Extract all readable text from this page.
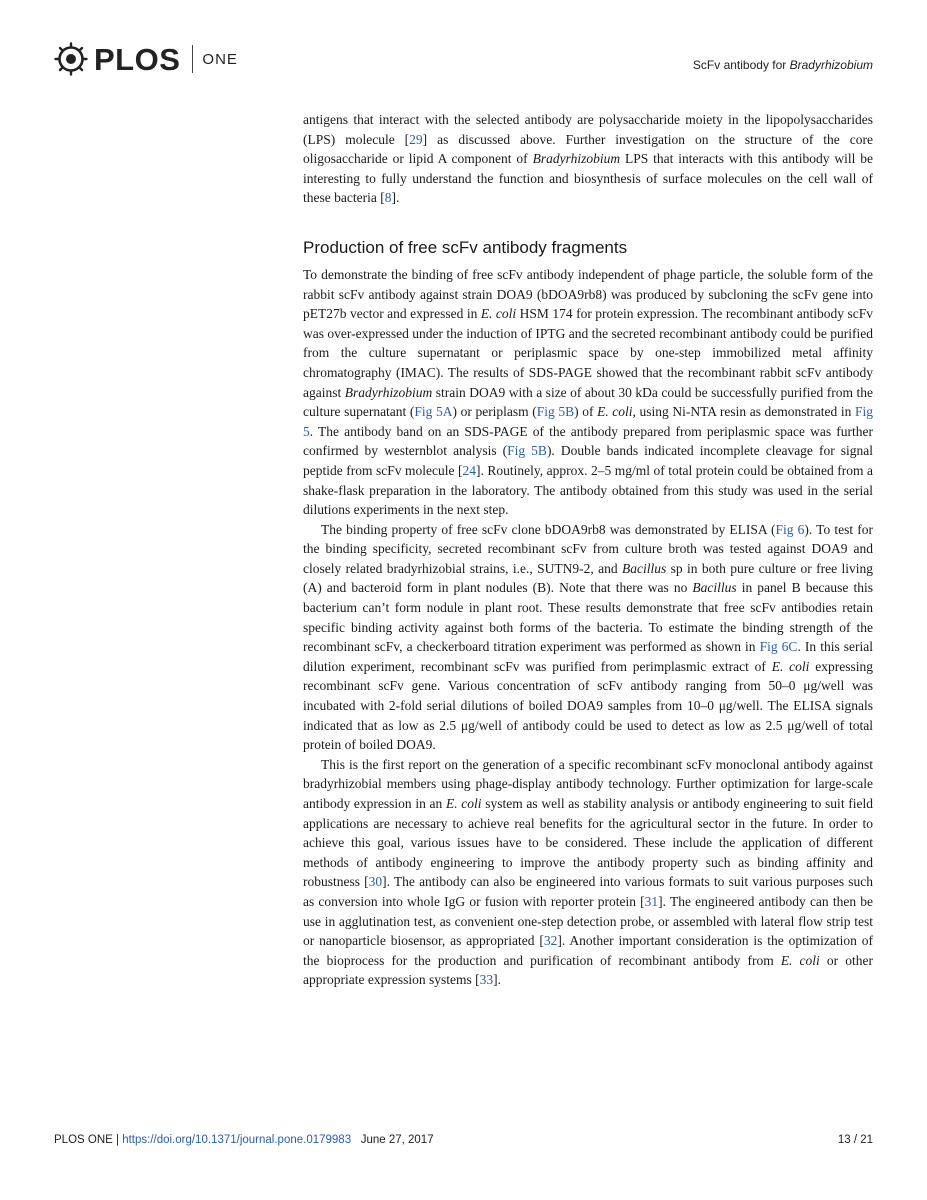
PLOS ONE	ScFv antibody for Bradyrhizobium

antigens that interact with the selected antibody are polysaccharide moiety in the lipopolysaccharides (LPS) molecule [29] as discussed above. Further investigation on the structure of the core oligosaccharide or lipid A component of Bradyrhizobium LPS that interacts with this antibody will be interesting to fully understand the function and biosynthesis of surface molecules on the cell wall of these bacteria [8].

Production of free scFv antibody fragments

To demonstrate the binding of free scFv antibody independent of phage particle, the soluble form of the rabbit scFv antibody against strain DOA9 (bDOA9rb8) was produced by subcloning the scFv gene into pET27b vector and expressed in E. coli HSM 174 for protein expression. The recombinant antibody scFv was over-expressed under the induction of IPTG and the secreted recombinant antibody could be purified from the culture supernatant or periplasmic space by one-step immobilized metal affinity chromatography (IMAC). The results of SDS-PAGE showed that the recombinant rabbit scFv antibody against Bradyrhizobium strain DOA9 with a size of about 30 kDa could be successfully purified from the culture supernatant (Fig 5A) or periplasm (Fig 5B) of E. coli, using Ni-NTA resin as demonstrated in Fig 5. The antibody band on an SDS-PAGE of the antibody prepared from periplasmic space was further confirmed by westernblot analysis (Fig 5B). Double bands indicated incomplete cleavage for signal peptide from scFv molecule [24]. Routinely, approx. 2–5 mg/ml of total protein could be obtained from a shake-flask preparation in the laboratory. The antibody obtained from this study was used in the serial dilutions experiments in the next step.

The binding property of free scFv clone bDOA9rb8 was demonstrated by ELISA (Fig 6). To test for the binding specificity, secreted recombinant scFv from culture broth was tested against DOA9 and closely related bradyrhizobial strains, i.e., SUTN9-2, and Bacillus sp in both pure culture or free living (A) and bacteroid form in plant nodules (B). Note that there was no Bacillus in panel B because this bacterium can’t form nodule in plant root. These results demonstrate that free scFv antibodies retain specific binding activity against both forms of the bacteria. To estimate the binding strength of the recombinant scFv, a checkerboard titration experiment was performed as shown in Fig 6C. In this serial dilution experiment, recombinant scFv was purified from perimplasmic extract of E. coli expressing recombinant scFv gene. Various concentration of scFv antibody ranging from 50–0 μg/well was incubated with 2-fold serial dilutions of boiled DOA9 samples from 10–0 μg/well. The ELISA signals indicated that as low as 2.5 μg/well of antibody could be used to detect as low as 2.5 μg/well of total protein of boiled DOA9.

This is the first report on the generation of a specific recombinant scFv monoclonal antibody against bradyrhizobial members using phage-display antibody technology. Further optimization for large-scale antibody expression in an E. coli system as well as stability analysis or antibody engineering to suit field applications are necessary to achieve real benefits for the agricultural sector in the future. In order to achieve this goal, various issues have to be considered. These include the application of different methods of antibody engineering to improve the antibody property such as binding affinity and robustness [30]. The antibody can also be engineered into various formats to suit various purposes such as conversion into whole IgG or fusion with reporter protein [31]. The engineered antibody can then be use in agglutination test, as convenient one-step detection probe, or assembled with lateral flow strip test or nanoparticle biosensor, as appropriated [32]. Another important consideration is the optimization of the bioprocess for the production and purification of recombinant antibody from E. coli or other appropriate expression systems [33].

PLOS ONE | https://doi.org/10.1371/journal.pone.0179983 June 27, 2017	13 / 21
